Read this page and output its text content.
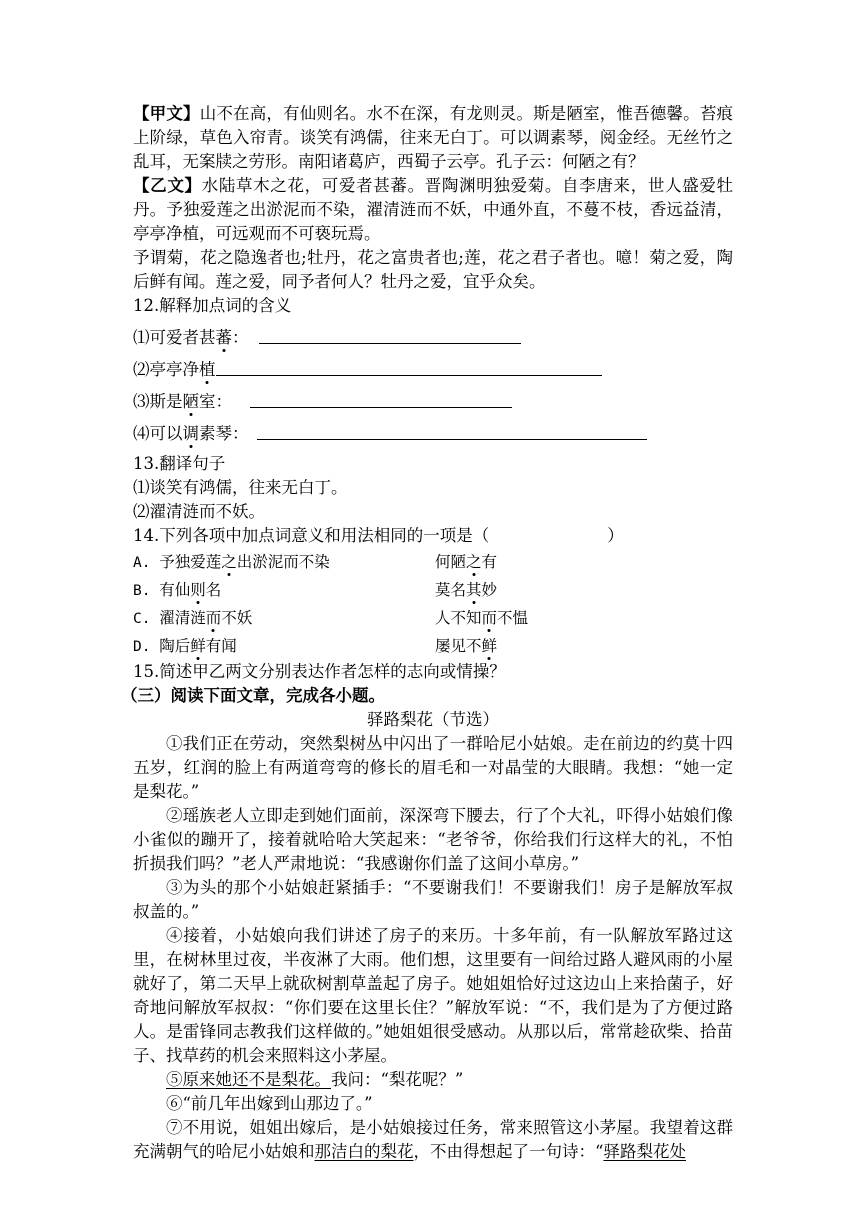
【甲文】山不在高，有仙则名。水不在深，有龙则灵。斯是陋室，惟吾德馨。苔痕上阶绿，草色入帘青。谈笑有鸿儒，往来无白丁。可以调素琴，阅金经。无丝竹之乱耳，无案牍之劳形。南阳诸葛庐，西蜀子云亭。孔子云：何陋之有？

【乙文】水陆草木之花，可爱者甚蕃。晋陶渊明独爱菊。自李唐来，世人盛爱牡丹。予独爱莲之出淤泥而不染，濯清涟而不妖，中通外直，不蔓不枝，香远益清，亭亭净植，可远观而不可亵玩焉。

予谓菊，花之隐逸者也;牡丹，花之富贵者也;莲，花之君子者也。噫！菊之爱，陶后鲜有闻。莲之爱，同予者何人？牡丹之爱，宜乎众矣。

12.解释加点词的含义

⑴可爱者甚蕃：
⑵亭亭净植
⑶斯是陋室：
⑷可以调素琴：

13.翻译句子

⑴谈笑有鸿儒，往来无白丁。

⑵濯清涟而不妖。

14.下列各项中加点词意义和用法相同的一项是（	）

A. 予独爱莲之出淤泥而不染	何陋之有
B. 有仙则名	莫名其妙
C. 濯清涟而不妖	人不知而不愠
D. 陶后鲜有闻	屡见不鲜

15.简述甲乙两文分别表达作者怎样的志向或情操？

（三）阅读下面文章，完成各小题。

驿路梨花（节选）

①我们正在劳动，突然梨树丛中闪出了一群哈尼小姑娘。走在前边的约莫十四五岁，红润的脸上有两道弯弯的修长的眉毛和一对晶莹的大眼睛。我想：“她一定是梨花。”

②瑶族老人立即走到她们面前，深深弯下腰去，行了个大礼，吓得小姑娘们像小雀似的蹦开了，接着就哈哈大笑起来：“老爷爷，你给我们行这样大的礼，不怕折损我们吗？”老人严肃地说：“我感谢你们盖了这间小草房。”

③为头的那个小姑娘赶紧插手：“不要谢我们！不要谢我们！房子是解放军叔叔盖的。”

④接着，小姑娘向我们讲述了房子的来历。十多年前，有一队解放军路过这里，在树林里过夜，半夜淋了大雨。他们想，这里要有一间给过路人避风雨的小屋就好了，第二天早上就砍树割草盖起了房子。她姐姐恰好过这边山上来拾菌子，好奇地问解放军叔叔：“你们要在这里长住？”解放军说：“不，我们是为了方便过路人。是雷锋同志教我们这样做的。”她姐姐很受感动。从那以后，常常趁砍柴、拾苗子、找草药的机会来照料这小茅屋。

⑤原来她还不是梨花。我问：“梨花呢？”

⑥“前几年出嫁到山那边了。”

⑦不用说，姐姐出嫁后，是小姑娘接过任务，常来照管这小茅屋。我望着这群充满朝气的哈尼小姑娘和那洁白的梨花，不由得想起了一句诗：“驿路梨花处
